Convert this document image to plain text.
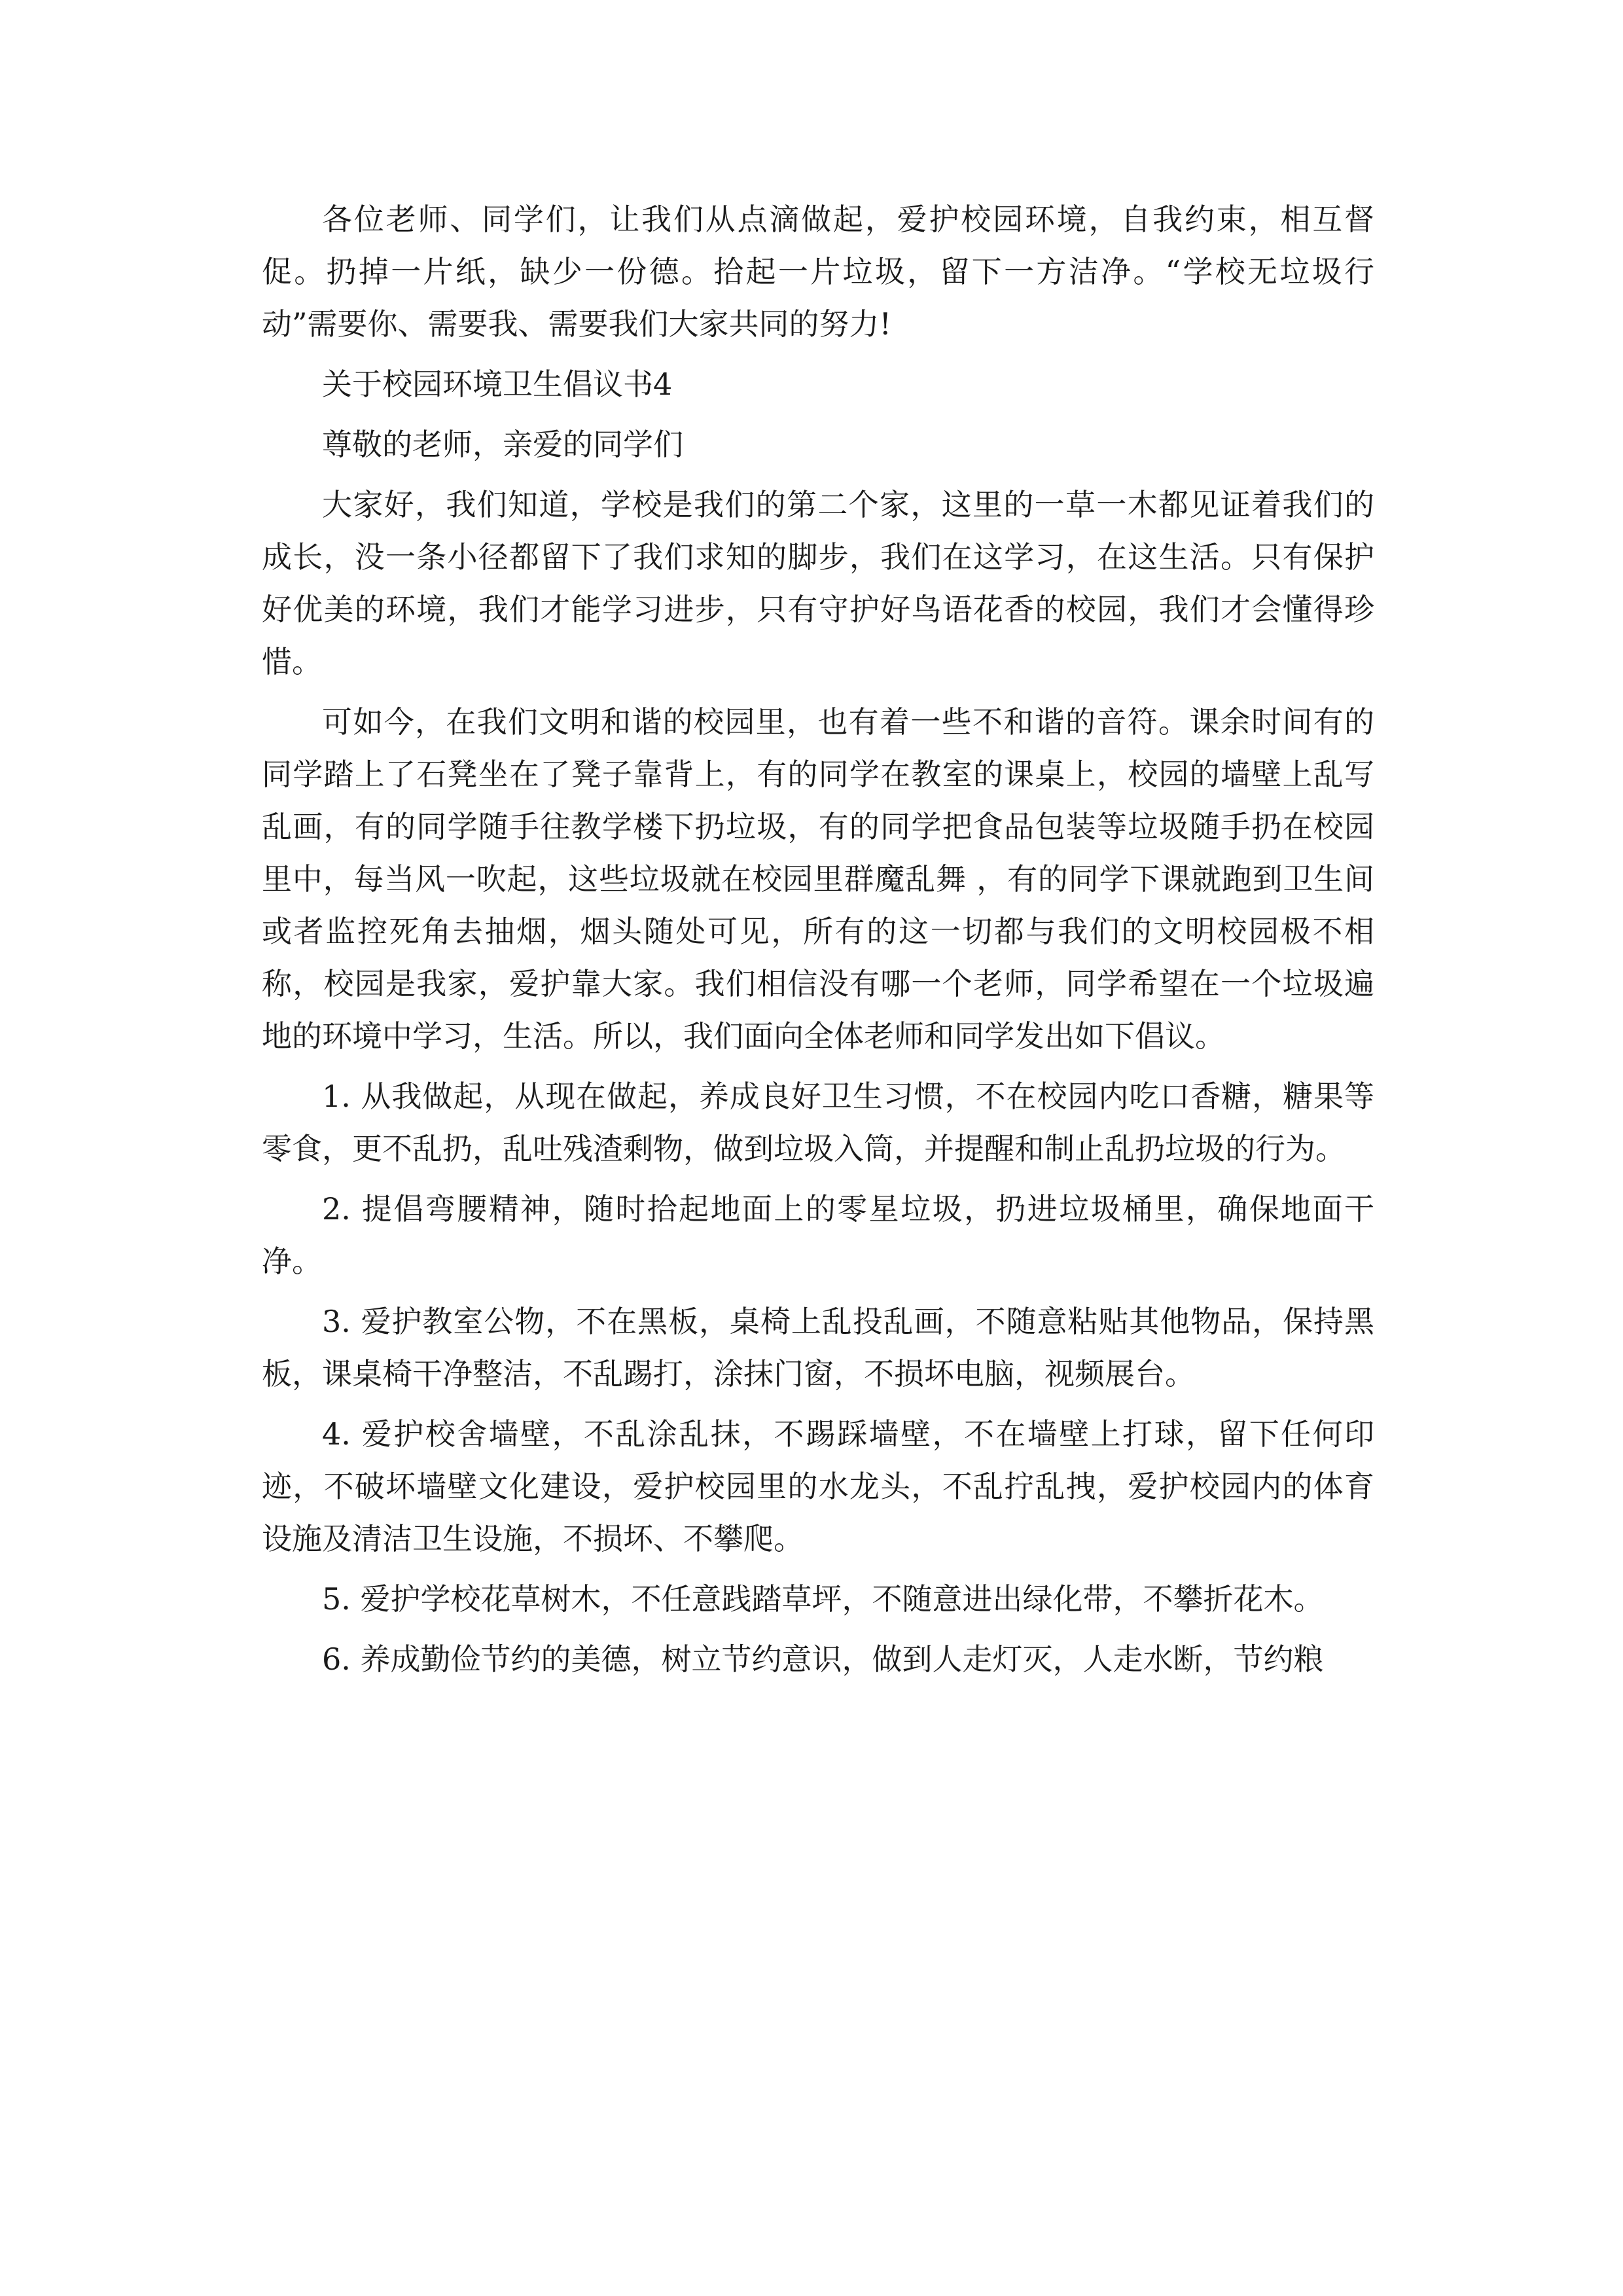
各位老师、同学们，让我们从点滴做起，爱护校园环境，自我约束，相互督促。扔掉一片纸，缺少一份德。拾起一片垃圾，留下一方洁净。“学校无垃圾行动”需要你、需要我、需要我们大家共同的努力!

关于校园环境卫生倡议书4

尊敬的老师，亲爱的同学们

大家好，我们知道，学校是我们的第二个家，这里的一草一木都见证着我们的成长，没一条小径都留下了我们求知的脚步，我们在这学习，在这生活。只有保护好优美的环境，我们才能学习进步，只有守护好鸟语花香的校园，我们才会懂得珍惜。

可如今，在我们文明和谐的校园里，也有着一些不和谐的音符。课余时间有的同学踏上了石凳坐在了凳子靠背上，有的同学在教室的课桌上，校园的墙壁上乱写乱画，有的同学随手往教学楼下扔垃圾，有的同学把食品包装等垃圾随手扔在校园里中，每当风一吹起，这些垃圾就在校园里群魔乱舞 ，有的同学下课就跑到卫生间或者监控死角去抽烟，烟头随处可见，所有的这一切都与我们的文明校园极不相称，校园是我家，爱护靠大家。我们相信没有哪一个老师，同学希望在一个垃圾遍地的环境中学习，生活。所以，我们面向全体老师和同学发出如下倡议。

1. 从我做起，从现在做起，养成良好卫生习惯，不在校园内吃口香糖，糖果等零食，更不乱扔，乱吐残渣剩物，做到垃圾入筒，并提醒和制止乱扔垃圾的行为。

2. 提倡弯腰精神，随时拾起地面上的零星垃圾，扔进垃圾桶里，确保地面干净。

3. 爱护教室公物，不在黑板，桌椅上乱投乱画，不随意粘贴其他物品，保持黑板，课桌椅干净整洁，不乱踢打，涂抹门窗，不损坏电脑，视频展台。

4. 爱护校舍墙壁，不乱涂乱抹，不踢踩墙壁，不在墙壁上打球，留下任何印迹，不破坏墙壁文化建设，爱护校园里的水龙头，不乱拧乱拽，爱护校园内的体育设施及清洁卫生设施，不损坏、不攀爬。

5. 爱护学校花草树木，不任意践踏草坪，不随意进出绿化带，不攀折花木。

6. 养成勤俭节约的美德，树立节约意识，做到人走灯灭，人走水断，节约粮
